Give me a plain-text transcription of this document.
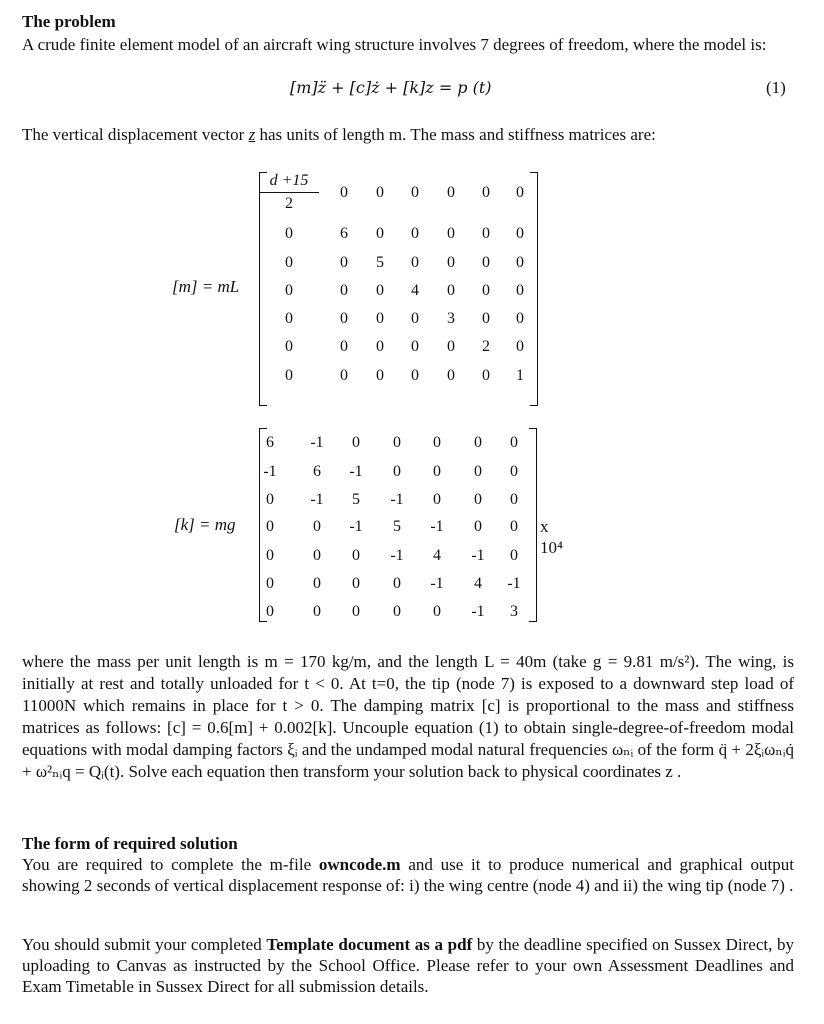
The problem
A crude finite element model of an aircraft wing structure involves 7 degrees of freedom, where the model is:
[m]z̈ + [c]ż + [k]z = p (t)	(1)
The vertical displacement vector z has units of length m. The mass and stiffness matrices are:
[m] = mL
$\frac{d +15}{2}$	0	0	0	0	0	0
0	6	0	0	0	0	0
0	0	5	0	0	0	0
0	0	0	4	0	0	0
0	0	0	0	3	0	0
0	0	0	0	0	2	0
0	0	0	0	0	0	1
[k] = mg
6	-1	0	0	0	0	0
-1	6	-1	0	0	0	0
0	-1	5	-1	0	0	0
0	0	-1	5	-1	0	0
0	0	0	-1	4	-1	0
0	0	0	0	-1	4	-1
0	0	0	0	0	-1	3
x 10⁴
where the mass per unit length is m = 170 kg/m, and the length L = 40m (take g = 9.81 m/s²). The wing, is initially at rest and totally unloaded for t < 0. At t=0, the tip (node 7) is exposed to a downward step load of 11000N which remains in place for t > 0. The damping matrix [c] is proportional to the mass and stiffness matrices as follows: [c] = 0.6[m] + 0.002[k]. Uncouple equation (1) to obtain single-degree-of-freedom modal equations with modal damping factors ξᵢ and the undamped modal natural frequencies ωₙᵢ of the form q̈ + 2ξᵢωₙᵢq̇ + ω²ₙᵢq = Qᵢ(t). Solve each equation then transform your solution back to physical coordinates z .
The form of required solution
You are required to complete the m-file owncode.m and use it to produce numerical and graphical output showing 2 seconds of vertical displacement response of: i) the wing centre (node 4) and ii) the wing tip (node 7) .
You should submit your completed Template document as a pdf by the deadline specified on Sussex Direct, by uploading to Canvas as instructed by the School Office. Please refer to your own Assessment Deadlines and Exam Timetable in Sussex Direct for all submission details.
